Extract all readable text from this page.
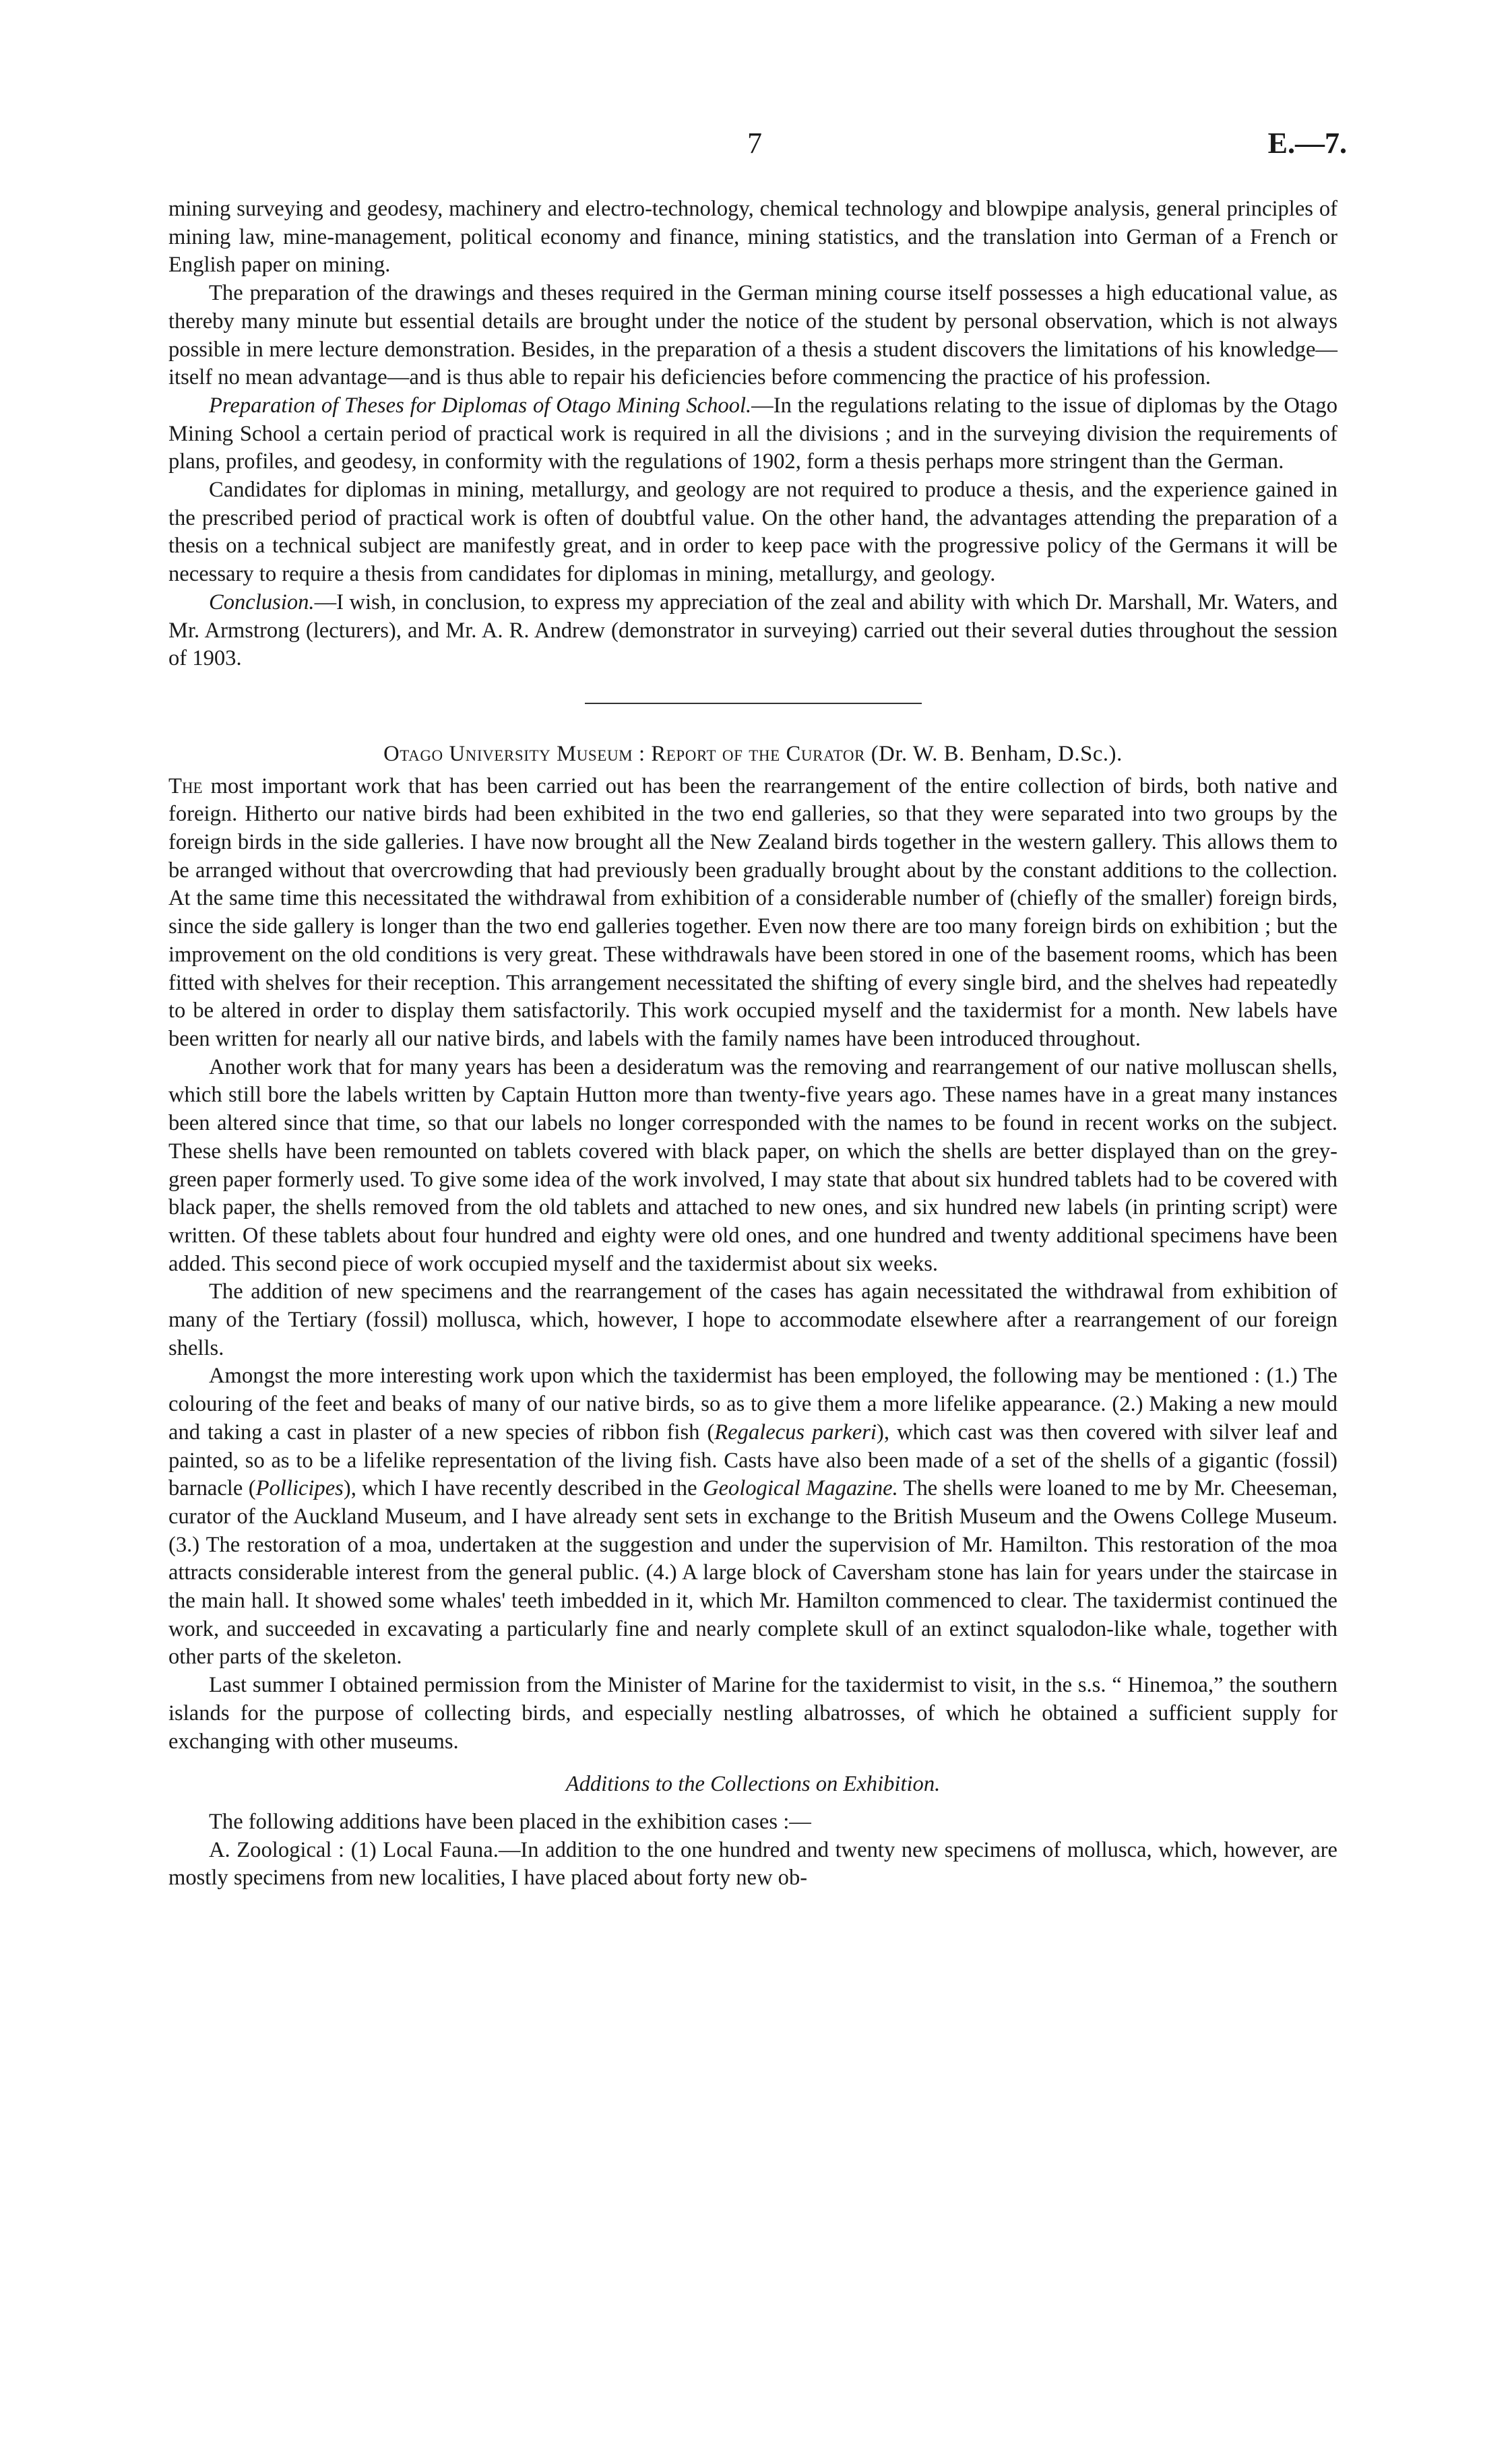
7	E.—7.

mining surveying and geodesy, machinery and electro-technology, chemical technology and blowpipe analysis, general principles of mining law, mine-management, political economy and finance, mining statistics, and the translation into German of a French or English paper on mining.

The preparation of the drawings and theses required in the German mining course itself possesses a high educational value, as thereby many minute but essential details are brought under the notice of the student by personal observation, which is not always possible in mere lecture demonstration. Besides, in the preparation of a thesis a student discovers the limitations of his knowledge—itself no mean advantage—and is thus able to repair his deficiencies before commencing the practice of his profession.

Preparation of Theses for Diplomas of Otago Mining School.—In the regulations relating to the issue of diplomas by the Otago Mining School a certain period of practical work is required in all the divisions ; and in the surveying division the requirements of plans, profiles, and geodesy, in conformity with the regulations of 1902, form a thesis perhaps more stringent than the German.

Candidates for diplomas in mining, metallurgy, and geology are not required to produce a thesis, and the experience gained in the prescribed period of practical work is often of doubtful value. On the other hand, the advantages attending the preparation of a thesis on a technical subject are manifestly great, and in order to keep pace with the progressive policy of the Germans it will be necessary to require a thesis from candidates for diplomas in mining, metallurgy, and geology.

Conclusion.—I wish, in conclusion, to express my appreciation of the zeal and ability with which Dr. Marshall, Mr. Waters, and Mr. Armstrong (lecturers), and Mr. A. R. Andrew (demonstrator in surveying) carried out their several duties throughout the session of 1903.

Otago University Museum : Report of the Curator (Dr. W. B. Benham, D.Sc.).

The most important work that has been carried out has been the rearrangement of the entire collection of birds, both native and foreign. Hitherto our native birds had been exhibited in the two end galleries, so that they were separated into two groups by the foreign birds in the side galleries. I have now brought all the New Zealand birds together in the western gallery. This allows them to be arranged without that overcrowding that had previously been gradually brought about by the constant additions to the collection. At the same time this necessitated the withdrawal from exhibition of a considerable number of (chiefly of the smaller) foreign birds, since the side gallery is longer than the two end galleries together. Even now there are too many foreign birds on exhibition ; but the improvement on the old conditions is very great. These withdrawals have been stored in one of the basement rooms, which has been fitted with shelves for their reception. This arrangement necessitated the shifting of every single bird, and the shelves had repeatedly to be altered in order to display them satisfactorily. This work occupied myself and the taxidermist for a month. New labels have been written for nearly all our native birds, and labels with the family names have been introduced throughout.

Another work that for many years has been a desideratum was the removing and rearrangement of our native molluscan shells, which still bore the labels written by Captain Hutton more than twenty-five years ago. These names have in a great many instances been altered since that time, so that our labels no longer corresponded with the names to be found in recent works on the subject. These shells have been remounted on tablets covered with black paper, on which the shells are better displayed than on the grey-green paper formerly used. To give some idea of the work involved, I may state that about six hundred tablets had to be covered with black paper, the shells removed from the old tablets and attached to new ones, and six hundred new labels (in printing script) were written. Of these tablets about four hundred and eighty were old ones, and one hundred and twenty additional specimens have been added. This second piece of work occupied myself and the taxidermist about six weeks.

The addition of new specimens and the rearrangement of the cases has again necessitated the withdrawal from exhibition of many of the Tertiary (fossil) mollusca, which, however, I hope to accommodate elsewhere after a rearrangement of our foreign shells.

Amongst the more interesting work upon which the taxidermist has been employed, the following may be mentioned : (1.) The colouring of the feet and beaks of many of our native birds, so as to give them a more lifelike appearance. (2.) Making a new mould and taking a cast in plaster of a new species of ribbon fish (Regalecus parkeri), which cast was then covered with silver leaf and painted, so as to be a lifelike representation of the living fish. Casts have also been made of a set of the shells of a gigantic (fossil) barnacle (Pollicipes), which I have recently described in the Geological Magazine. The shells were loaned to me by Mr. Cheeseman, curator of the Auckland Museum, and I have already sent sets in exchange to the British Museum and the Owens College Museum. (3.) The restoration of a moa, undertaken at the suggestion and under the supervision of Mr. Hamilton. This restoration of the moa attracts considerable interest from the general public. (4.) A large block of Caversham stone has lain for years under the staircase in the main hall. It showed some whales' teeth imbedded in it, which Mr. Hamilton commenced to clear. The taxidermist continued the work, and succeeded in excavating a particularly fine and nearly complete skull of an extinct squalodon-like whale, together with other parts of the skeleton.

Last summer I obtained permission from the Minister of Marine for the taxidermist to visit, in the s.s. “ Hinemoa,” the southern islands for the purpose of collecting birds, and especially nestling albatrosses, of which he obtained a sufficient supply for exchanging with other museums.

Additions to the Collections on Exhibition.

The following additions have been placed in the exhibition cases :—

A. Zoological : (1) Local Fauna.—In addition to the one hundred and twenty new specimens of mollusca, which, however, are mostly specimens from new localities, I have placed about forty new ob-
